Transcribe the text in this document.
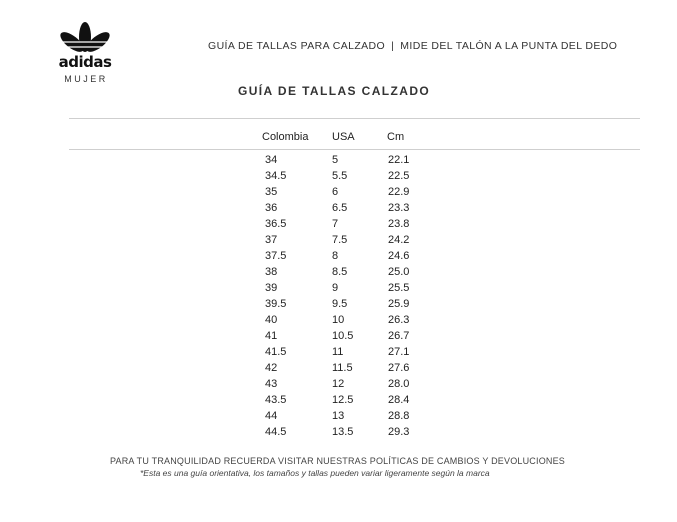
adidas
MUJER
GUÍA DE TALLAS PARA CALZADO | MIDE DEL TALÓN A LA PUNTA DEL DEDO
GUÍA DE TALLAS CALZADO
Colombia USA	Cm
34
34.5
35
36
36.5
37
37.5
38
39
39.5
40
41
41.5
42
43
43.5
44
44.5
5
5.5
6
6.5
7
7.5
8
8.5
9
9.5
10
10.5
11
11.5
12
12.5
13
13.5
22.1
22.5
22.9
23.3
23.8
24.2
24.6
25.0
25.5
25.9
26.3
26.7
27.1
27.6
28.0
28.4
28.8
29.3
PARA TU TRANQUILIDAD RECUERDA VISITAR NUESTRAS POLÍTICAS DE CAMBIOS Y DEVOLUCIONES
*Esta es una guía orientativa, los tamaños y tallas pueden variar ligeramente según la marca
